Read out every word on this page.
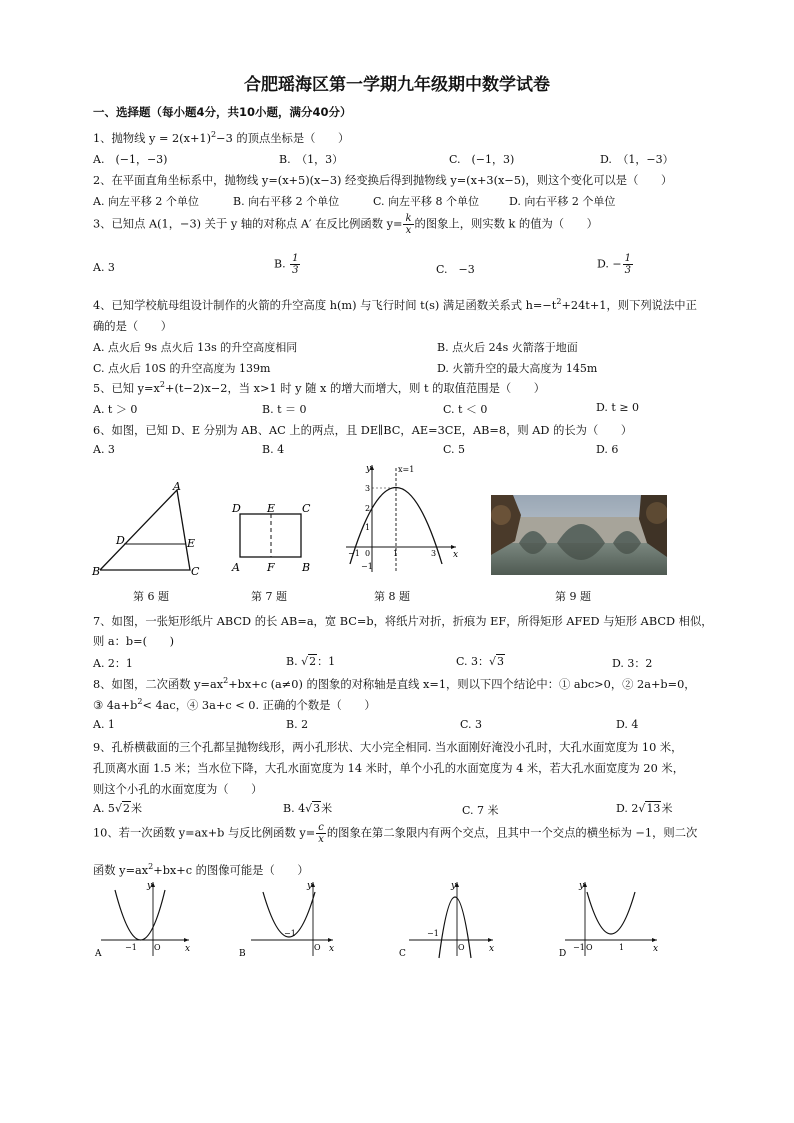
合肥瑶海区第一学期九年级期中数学试卷
一、选择题（每小题4分，共10小题，满分40分）
1、抛物线 $y = 2(x+1)^2-3$ 的顶点坐标是（　　）
A.　(−1，−3)	B.　（1，3）	C.　(−1，3)	D.　（1，−3）
2、在平面直角坐标系中，抛物线 y=(x+5)(x−3) 经变换后得到抛物线 y=(x+3(x−5)，则这个变化可以是（　　）
A. 向左平移 2 个单位	B. 向右平移 2 个单位	C. 向左平移 8 个单位	D. 向右平移 2 个单位
3、已知点 A(1，−3) 关于 y 轴的对称点 A′ 在反比例函数 $y= \frac{k}{x}$ 的图象上，则实数 k 的值为（　　）
A. 3	B. $\frac{1}{3}$	C.　−3	D. − $\frac{1}{3}$
4、已知学校航母组设计制作的火箭的升空高度 h(m) 与飞行时间 t(s) 满足函数关系式 $h=-t^2+24t+1$，则下列说法中正
确的是（　　）
A. 点火后 9s 点火后 13s 的升空高度相同	B. 点火后 24s 火箭落于地面
C. 点火后 10S 的升空高度为 139m	D. 火箭升空的最大高度为 145m
5、已知 $y=x^2+(t-2)x-2$，当 x>1 时 y 随 x 的增大而增大，则 t 的取值范围是（　　）
A. t ＞ 0	B. t ＝ 0	C. t ＜ 0	D. t ≥ 0
6、如图，已知 D、E 分别为 AB、AC 上的两点，且 DE∥BC，AE=3CE，AB=8，则 AD 的长为（　　）
A. 3	B. 4	C. 5	D. 6
A
B	C
D	E
第 6 题
D E C
A F B
第 7 题
y
x
x=1
3
2
1
0
−1
−1	1	3
第 8 题	第 9 题
7、如图，一张矩形纸片 ABCD 的长 AB=a，宽 BC=b，将纸片对折，折痕为 EF，所得矩形 AFED 与矩形 ABCD 相似，
则 a：b=(　　)
A. 2：1	B. √2：1	C. 3：√3	D. 3：2
8、如图，二次函数 $y=ax^2+bx+c$ (a≠0) 的图象的对称轴是直线 x=1，则以下四个结论中：① abc>0，② 2a+b=0，
③ $4a+b^2< 4ac$，④ 3a+c < 0. 正确的个数是（　　）
A. 1	B. 2	C. 3	D. 4
9、孔桥横截面的三个孔都呈抛物线形，两小孔形状、大小完全相同. 当水面刚好淹没小孔时，大孔水面宽度为 10 米，
孔顶离水面 1.5 米；当水位下降，大孔水面宽度为 14 米时，单个小孔的水面宽度为 4 米，若大孔水面宽度为 20 米，
则这个小孔的水面宽度为（　　）
A. 5√2米	B. 4√3米	C. 7 米	D. 2√13米
10、若一次函数 y=ax+b 与反比例函数 $y= \frac{c}{x}$ 的图象在第二象限内有两个交点，且其中一个交点的横坐标为 −1，则二次
函数 $y=ax^2+bx+c$ 的图像可能是（　　）
y
x
O
−1
A
y
x
O
−1
B
y
x
O
−1
C
y
x
O
−1	1
D
